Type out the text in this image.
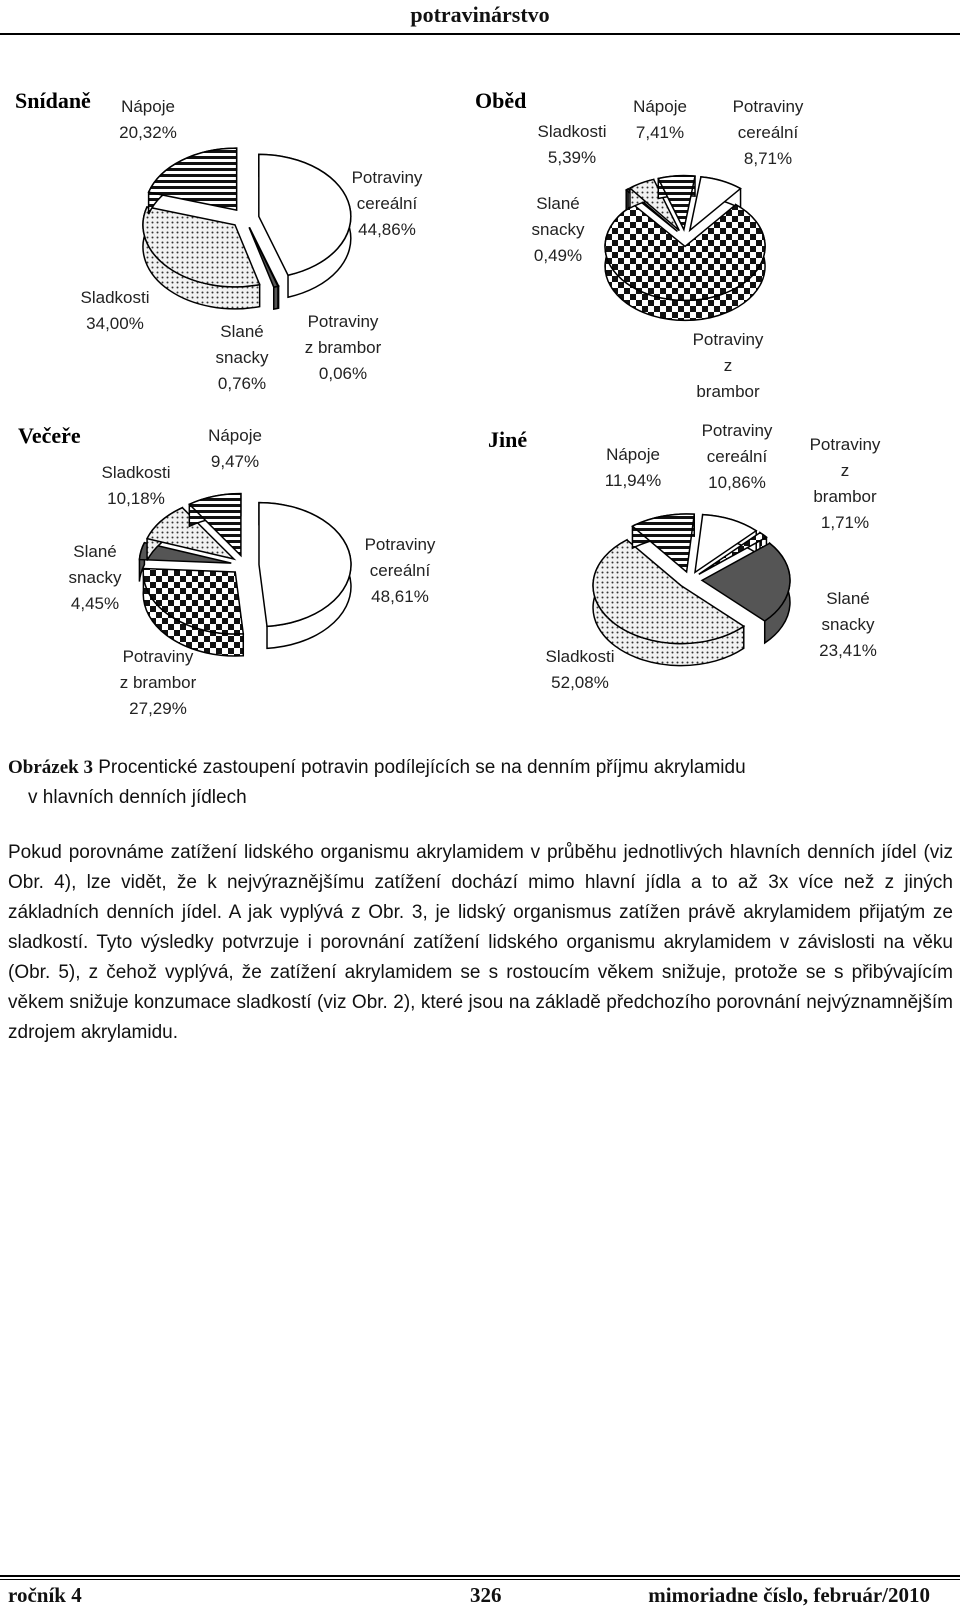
potravinárstvo
Snídaně Nápoje 20,32%
Potraviny cereální 44,86%
Sladkosti 34,00%	Slané snacky 0,76%
Potraviny z brambor 0,06%
Oběd
Sladkosti 5,39%
Nápoje 7,41%
Potraviny cereální 8,71%
Slané snacky 0,49%
Potraviny z brambor
Večeře	Nápoje 9,47%
Sladkosti 10,18%
Slané snacky 4,45%
Potraviny cereální 48,61%
Potraviny z brambor 27,29%
Jiné
Nápoje 11,94%
Potraviny cereální 10,86%
Potraviny z brambor 1,71%
Slané snacky 23,41%
Sladkosti 52,08%
Obrázek 3 Procentické zastoupení potravin podílejících se na denním příjmu akrylamidu
v hlavních denních jídlech
Pokud porovnáme zatížení lidského organismu akrylamidem v průběhu jednotlivých hlavních denních jídel (viz Obr. 4), lze vidět, že k nejvýraznějšímu zatížení dochází mimo hlavní jídla a to až 3x více než z jiných základních denních jídel. A jak vyplývá z Obr. 3, je lidský organismus zatížen právě akrylamidem přijatým ze sladkostí. Tyto výsledky potvrzuje i porovnání zatížení lidského organismu akrylamidem v závislosti na věku (Obr. 5), z čehož vyplývá, že zatížení akrylamidem se s rostoucím věkem snižuje, protože se s přibývajícím věkem snižuje konzumace sladkostí (viz Obr. 2), které jsou na základě předchozího porovnání nejvýznamnějším zdrojem akrylamidu.
ročník 4	326	mimoriadne číslo, február/2010
